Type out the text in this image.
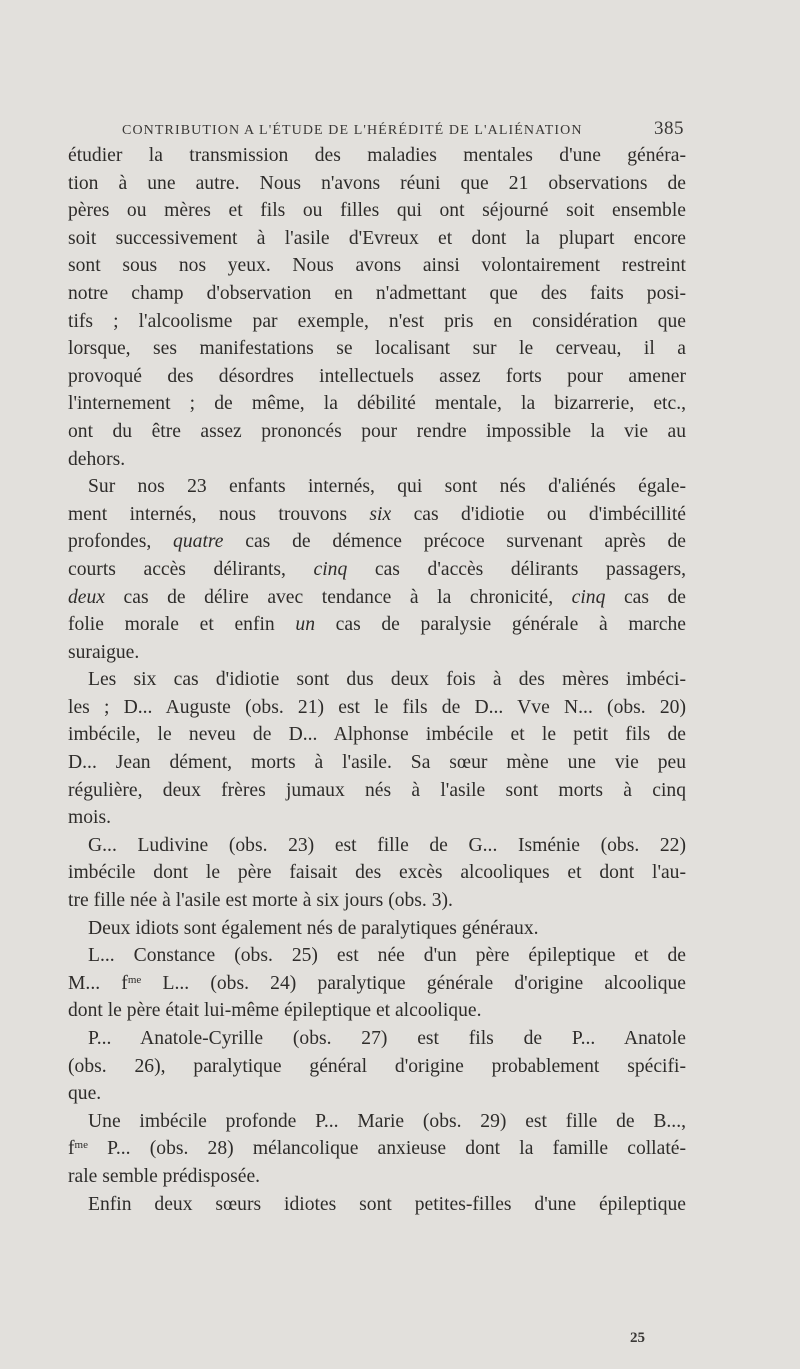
CONTRIBUTION A L'ÉTUDE DE L'HÉRÉDITÉ DE L'ALIÉNATION	385
étudier la transmission des maladies mentales d'une généra-
tion à une autre. Nous n'avons réuni que 21 observations de
pères ou mères et fils ou filles qui ont séjourné soit ensemble
soit successivement à l'asile d'Evreux et dont la plupart encore
sont sous nos yeux. Nous avons ainsi volontairement restreint
notre champ d'observation en n'admettant que des faits posi-
tifs ; l'alcoolisme par exemple, n'est pris en considération que
lorsque, ses manifestations se localisant sur le cerveau, il a
provoqué des désordres intellectuels assez forts pour amener
l'internement ; de même, la débilité mentale, la bizarrerie, etc.,
ont du être assez prononcés pour rendre impossible la vie au
dehors.
Sur nos 23 enfants internés, qui sont nés d'aliénés égale-
ment internés, nous trouvons six cas d'idiotie ou d'imbécillité
profondes, quatre cas de démence précoce survenant après de
courts accès délirants, cinq cas d'accès délirants passagers,
deux cas de délire avec tendance à la chronicité, cinq cas de
folie morale et enfin un cas de paralysie générale à marche
suraigue.
Les six cas d'idiotie sont dus deux fois à des mères imbéci-
les ; D... Auguste (obs. 21) est le fils de D... Vve N... (obs. 20)
imbécile, le neveu de D... Alphonse imbécile et le petit fils de
D... Jean dément, morts à l'asile. Sa sœur mène une vie peu
régulière, deux frères jumaux nés à l'asile sont morts à cinq
mois.
G... Ludivine (obs. 23) est fille de G... Isménie (obs. 22)
imbécile dont le père faisait des excès alcooliques et dont l'au-
tre fille née à l'asile est morte à six jours (obs. 3).
Deux idiots sont également nés de paralytiques généraux.
L... Constance (obs. 25) est née d'un père épileptique et de
M... $f^{me}$ L... (obs. 24) paralytique générale d'origine alcoolique
dont le père était lui-même épileptique et alcoolique.
P... Anatole-Cyrille (obs. 27) est fils de P... Anatole
(obs. 26), paralytique général d'origine probablement spécifi-
que.
Une imbécile profonde P... Marie (obs. 29) est fille de B...,
$f^{me}$ P... (obs. 28) mélancolique anxieuse dont la famille collaté-
rale semble prédisposée.
Enfin deux sœurs idiotes sont petites-filles d'une épileptique
25
